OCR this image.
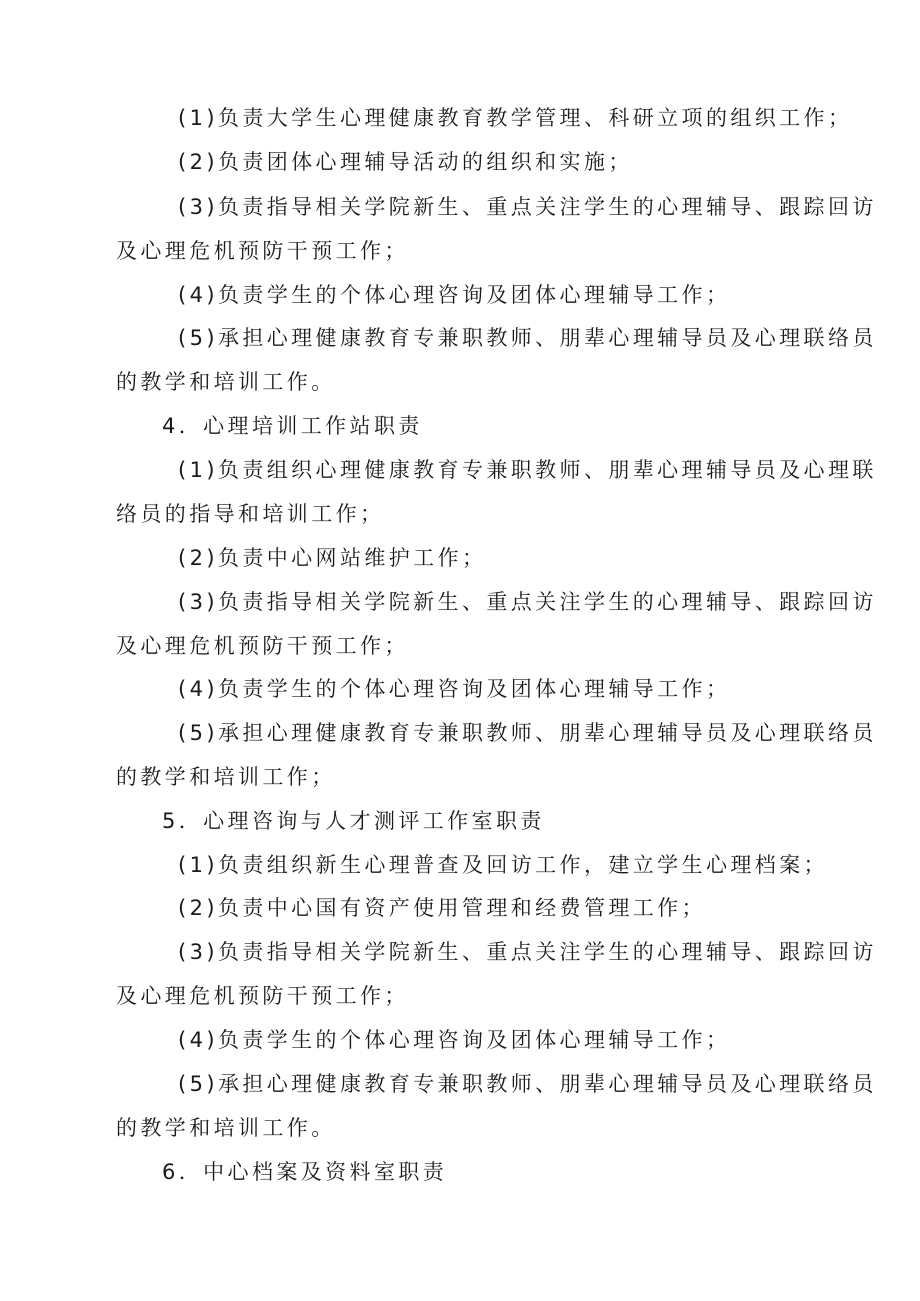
(1)负责大学生心理健康教育教学管理、科研立项的组织工作；
(2)负责团体心理辅导活动的组织和实施；
(3)负责指导相关学院新生、重点关注学生的心理辅导、跟踪回访
及心理危机预防干预工作；
(4)负责学生的个体心理咨询及团体心理辅导工作；
(5)承担心理健康教育专兼职教师、朋辈心理辅导员及心理联络员
的教学和培训工作。
4．心理培训工作站职责
(1)负责组织心理健康教育专兼职教师、朋辈心理辅导员及心理联
络员的指导和培训工作；
(2)负责中心网站维护工作；
(3)负责指导相关学院新生、重点关注学生的心理辅导、跟踪回访
及心理危机预防干预工作；
(4)负责学生的个体心理咨询及团体心理辅导工作；
(5)承担心理健康教育专兼职教师、朋辈心理辅导员及心理联络员
的教学和培训工作；
5．心理咨询与人才测评工作室职责
(1)负责组织新生心理普查及回访工作，建立学生心理档案；
(2)负责中心国有资产使用管理和经费管理工作；
(3)负责指导相关学院新生、重点关注学生的心理辅导、跟踪回访
及心理危机预防干预工作；
(4)负责学生的个体心理咨询及团体心理辅导工作；
(5)承担心理健康教育专兼职教师、朋辈心理辅导员及心理联络员
的教学和培训工作。
6．中心档案及资料室职责
